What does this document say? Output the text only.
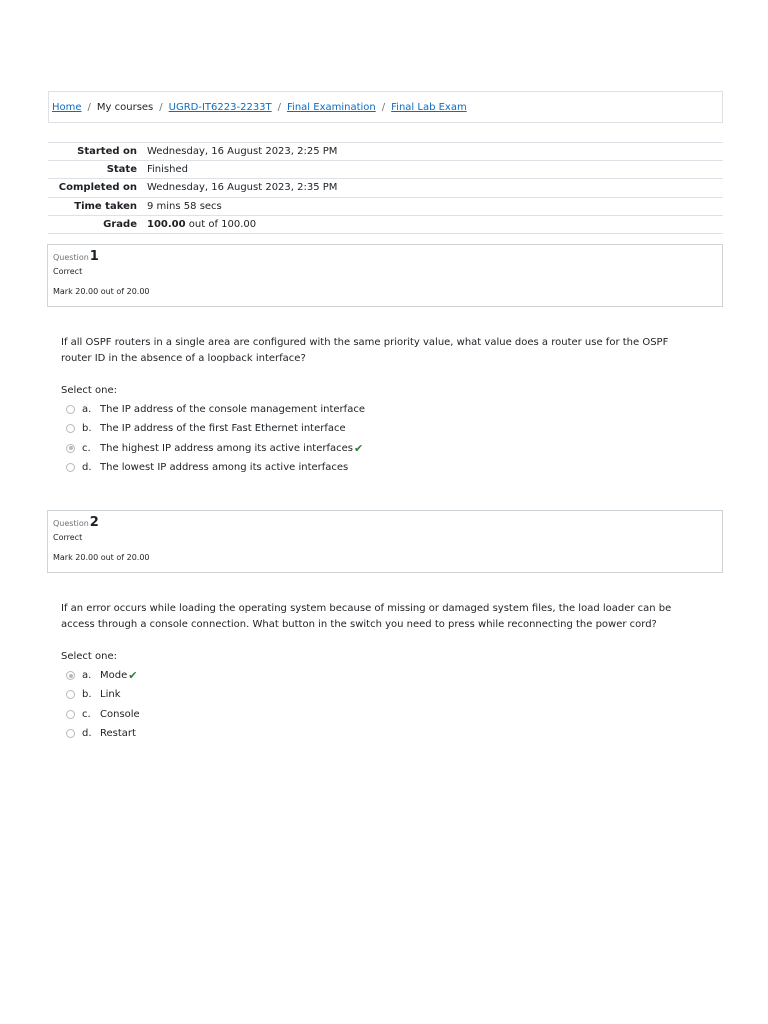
Home / My courses / UGRD-IT6223-2233T / Final Examination / Final Lab Exam
Started on	Wednesday, 16 August 2023, 2:25 PM
State	Finished
Completed on	Wednesday, 16 August 2023, 2:35 PM
Time taken	9 mins 58 secs
Grade	100.00 out of 100.00
Question1
Correct
Mark 20.00 out of 20.00
If all OSPF routers in a single area are configured with the same priority value, what value does a router use for the OSPF router ID in the absence of a loopback interface?
Select one:
a. The IP address of the console management interface
b. The IP address of the first Fast Ethernet interface
c. The highest IP address among its active interfaces ✔
d. The lowest IP address among its active interfaces
Question2
Correct
Mark 20.00 out of 20.00
If an error occurs while loading the operating system because of missing or damaged system files, the load loader can be access through a console connection. What button in the switch you need to press while reconnecting the power cord?
Select one:
a. Mode ✔
b. Link
c. Console
d. Restart
